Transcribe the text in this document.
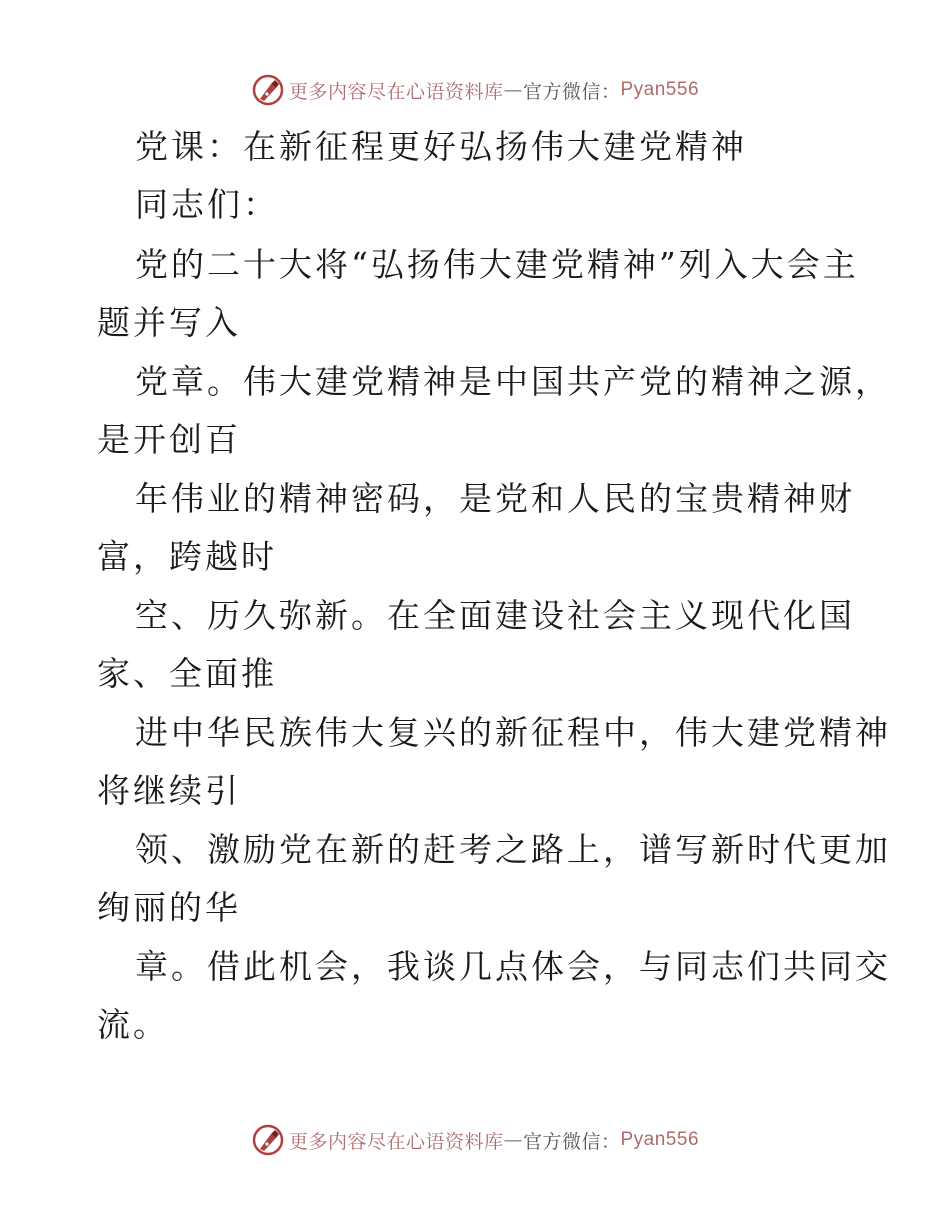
更多内容尽在心语资料库 — 官方微信： Pyan556
党课：在新征程更好弘扬伟大建党精神
同志们：
党的二十大将“弘扬伟大建党精神”列入大会主
题并写入
党章。伟大建党精神是中国共产党的精神之源，
是开创百
年伟业的精神密码，是党和人民的宝贵精神财
富，跨越时
空、历久弥新。在全面建设社会主义现代化国
家、全面推
进中华民族伟大复兴的新征程中，伟大建党精神
将继续引
领、激励党在新的赶考之路上，谱写新时代更加
绚丽的华
章。借此机会，我谈几点体会，与同志们共同交
流。
更多内容尽在心语资料库 — 官方微信： Pyan556
